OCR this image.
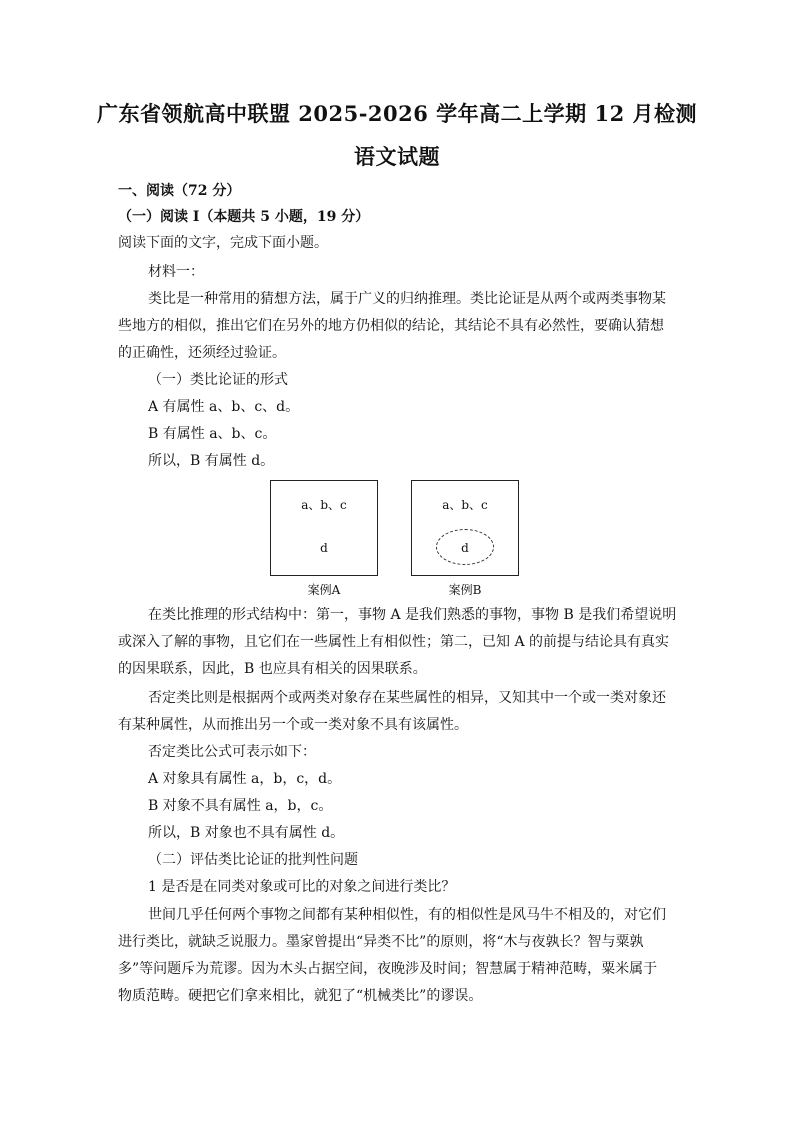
广东省领航高中联盟 2025-2026 学年高二上学期 12 月检测
语文试题
一、阅读（72 分）
（一）阅读 I（本题共 5 小题，19 分）
阅读下面的文字，完成下面小题。
材料一：
类比是一种常用的猜想方法，属于广义的归纳推理。类比论证是从两个或两类事物某
些地方的相似，推出它们在另外的地方仍相似的结论，其结论不具有必然性，要确认猜想
的正确性，还须经过验证。
（一）类比论证的形式
A 有属性 a、b、c、d。
B 有属性 a、b、c。
所以，B 有属性 d。
a、b、c
d
a、b、c
d
案例A	案例B
在类比推理的形式结构中：第一，事物 A 是我们熟悉的事物，事物 B 是我们希望说明
或深入了解的事物，且它们在一些属性上有相似性；第二，已知 A 的前提与结论具有真实
的因果联系，因此，B 也应具有相关的因果联系。
否定类比则是根据两个或两类对象存在某些属性的相异，又知其中一个或一类对象还
有某种属性，从而推出另一个或一类对象不具有该属性。
否定类比公式可表示如下：
A 对象具有属性 a，b，c，d。
B 对象不具有属性 a，b，c。
所以，B 对象也不具有属性 d。
（二）评估类比论证的批判性问题
1 是否是在同类对象或可比的对象之间进行类比？
世间几乎任何两个事物之间都有某种相似性，有的相似性是风马牛不相及的，对它们
进行类比，就缺乏说服力。墨家曾提出“异类不比”的原则，将“木与夜孰长？智与粟孰
多”等问题斥为荒谬。因为木头占据空间，夜晚涉及时间；智慧属于精神范畴，粟米属于
物质范畴。硬把它们拿来相比，就犯了“机械类比”的谬误。
